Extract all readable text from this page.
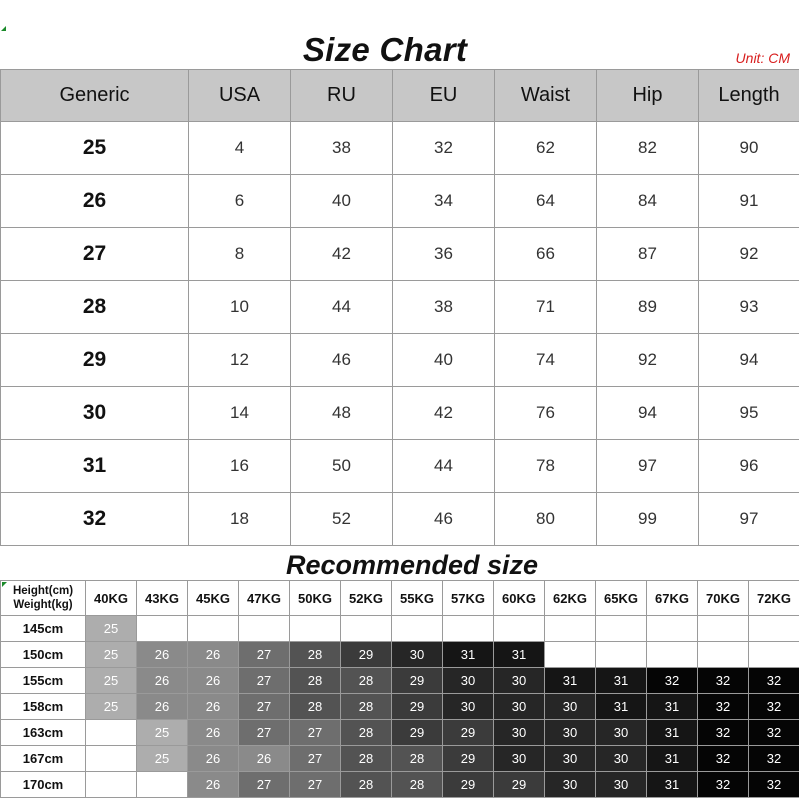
Size Chart	Unit: CM
Generic	USA	RU	EU	Waist	Hip	Length
25	4	38	32	62	82	90
26	6	40	34	64	84	91
27	8	42	36	66	87	92
28	10	44	38	71	89	93
29	12	46	40	74	92	94
30	14	48	42	76	94	95
31	16	50	44	78	97	96
32	18	52	46	80	99	97
Recommended size
Height(cm)
Weight(kg)	40KG	43KG	45KG	47KG	50KG	52KG	55KG	57KG	60KG	62KG	65KG	67KG	70KG	72KG
145cm	25													
150cm	25	26	26	27	28	29	30	31	31					
155cm	25	26	26	27	28	28	29	30	30	31	31	32	32	32
158cm	25	26	26	27	28	28	29	30	30	30	31	31	32	32
163cm		25	26	27	27	28	29	29	30	30	30	31	32	32
167cm		25	26	26	27	28	28	29	30	30	30	31	32	32
170cm			26	27	27	28	28	29	29	30	30	31	32	32
